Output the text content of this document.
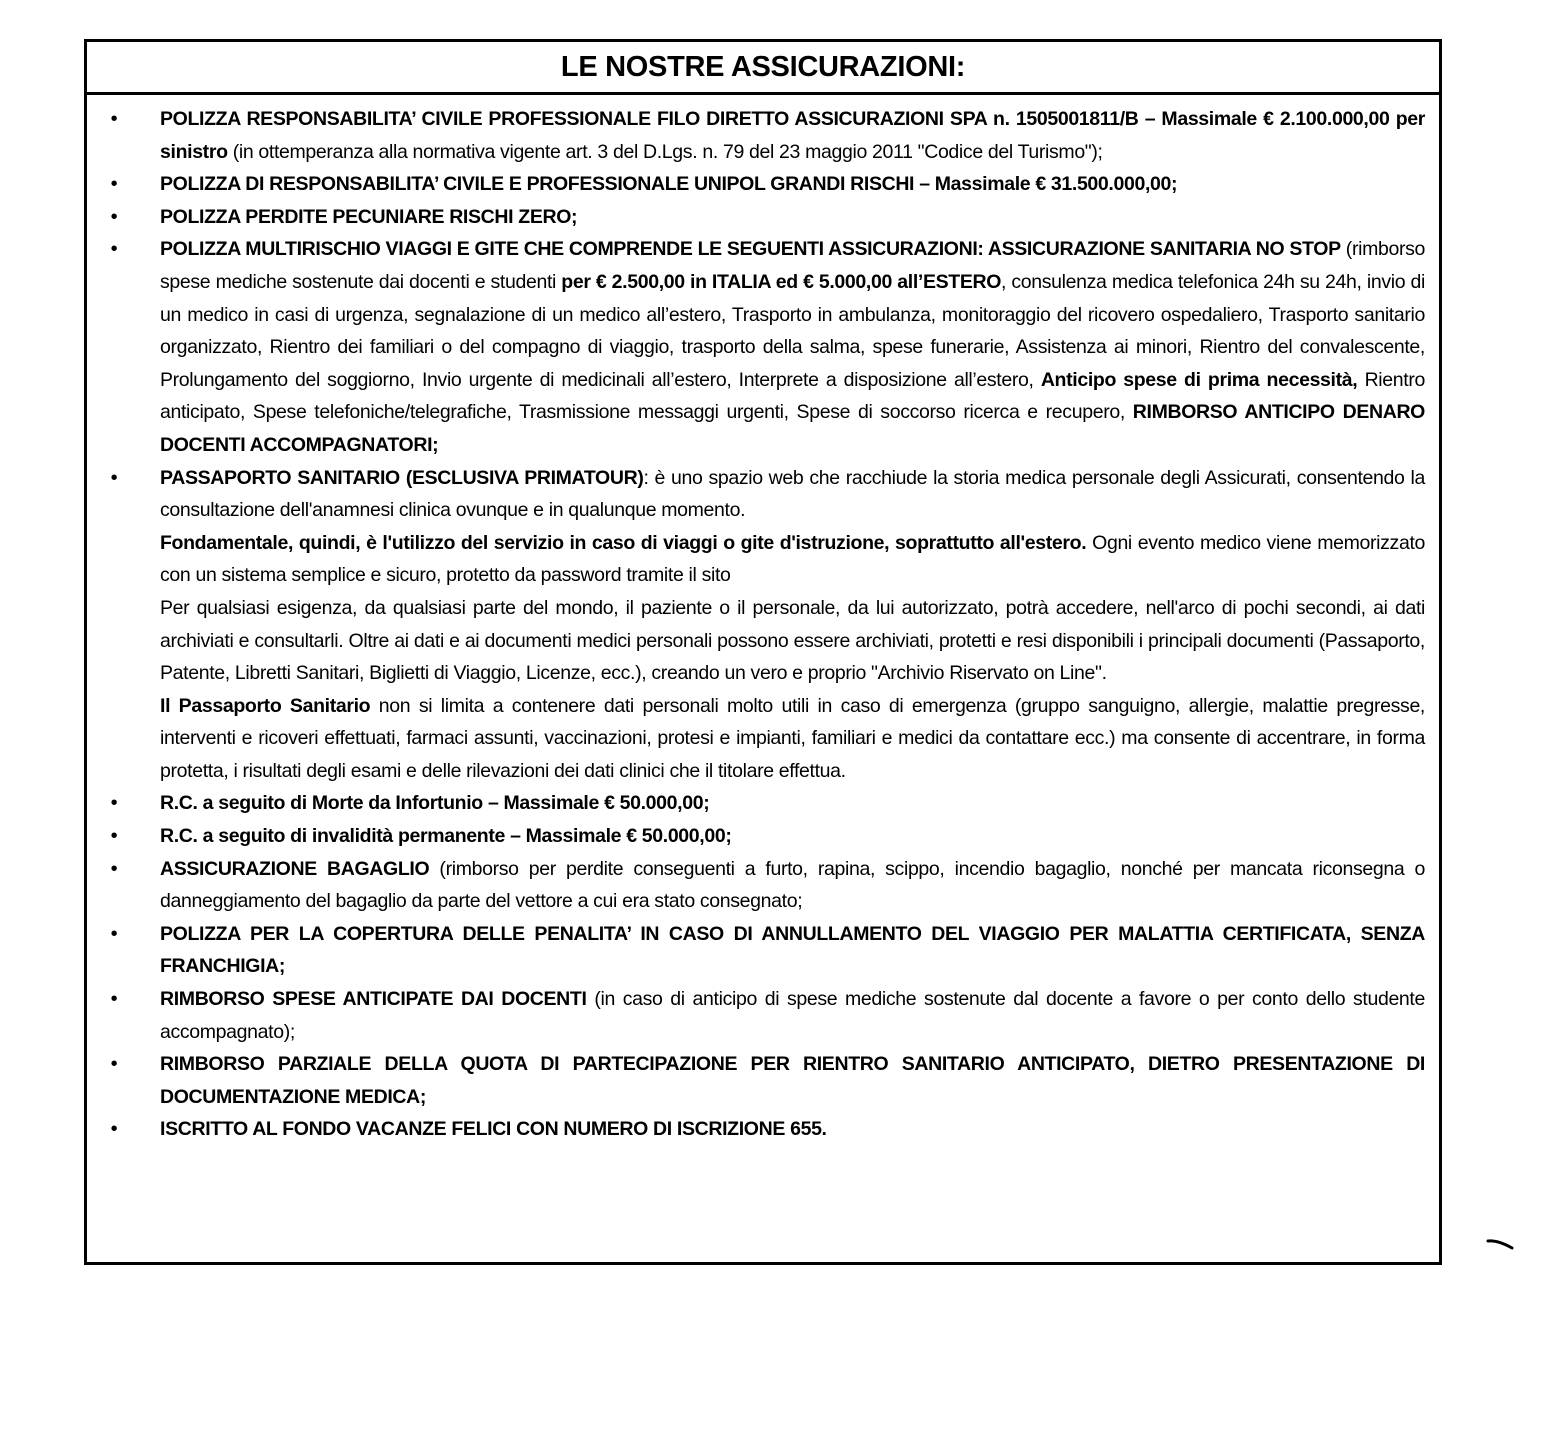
LE NOSTRE ASSICURAZIONI:
•	POLIZZA RESPONSABILITA’ CIVILE PROFESSIONALE FILO DIRETTO ASSICURAZIONI SPA n. 1505001811/B – Massimale € 2.100.000,00 per sinistro (in ottemperanza alla normativa vigente art. 3 del D.Lgs. n. 79 del 23 maggio 2011 "Codice del Turismo");
•	POLIZZA DI RESPONSABILITA’ CIVILE E PROFESSIONALE UNIPOL GRANDI RISCHI – Massimale € 31.500.000,00;
•	POLIZZA PERDITE PECUNIARE RISCHI ZERO;
•	POLIZZA MULTIRISCHIO VIAGGI E GITE CHE COMPRENDE LE SEGUENTI ASSICURAZIONI: ASSICURAZIONE SANITARIA NO STOP (rimborso spese mediche sostenute dai docenti e studenti per € 2.500,00 in ITALIA ed € 5.000,00 all’ESTERO, consulenza medica telefonica 24h su 24h, invio di un medico in casi di urgenza, segnalazione di un medico all’estero, Trasporto in ambulanza, monitoraggio del ricovero ospedaliero, Trasporto sanitario organizzato, Rientro dei familiari o del compagno di viaggio, trasporto della salma, spese funerarie, Assistenza ai minori, Rientro del convalescente, Prolungamento del soggiorno, Invio urgente di medicinali all’estero, Interprete a disposizione all’estero, Anticipo spese di prima necessità, Rientro anticipato, Spese telefoniche/telegrafiche, Trasmissione messaggi urgenti, Spese di soccorso ricerca e recupero, RIMBORSO ANTICIPO DENARO DOCENTI ACCOMPAGNATORI;
•	PASSAPORTO SANITARIO (ESCLUSIVA PRIMATOUR): è uno spazio web che racchiude la storia medica personale degli Assicurati, consentendo la consultazione dell'anamnesi clinica ovunque e in qualunque momento.
Fondamentale, quindi, è l'utilizzo del servizio in caso di viaggi o gite d'istruzione, soprattutto all'estero. Ogni evento medico viene memorizzato con un sistema semplice e sicuro, protetto da password tramite il sito
Per qualsiasi esigenza, da qualsiasi parte del mondo, il paziente o il personale, da lui autorizzato, potrà accedere, nell'arco di pochi secondi, ai dati archiviati e consultarli. Oltre ai dati e ai documenti medici personali possono essere archiviati, protetti e resi disponibili i principali documenti (Passaporto, Patente, Libretti Sanitari, Biglietti di Viaggio, Licenze, ecc.), creando un vero e proprio "Archivio Riservato on Line".
Il Passaporto Sanitario non si limita a contenere dati personali molto utili in caso di emergenza (gruppo sanguigno, allergie, malattie pregresse, interventi e ricoveri effettuati, farmaci assunti, vaccinazioni, protesi e impianti, familiari e medici da contattare ecc.) ma consente di accentrare, in forma protetta, i risultati degli esami e delle rilevazioni dei dati clinici che il titolare effettua.
•	R.C. a seguito di Morte da Infortunio – Massimale € 50.000,00;
•	R.C. a seguito di invalidità permanente – Massimale € 50.000,00;
•	ASSICURAZIONE BAGAGLIO (rimborso per perdite conseguenti a furto, rapina, scippo, incendio bagaglio, nonché per mancata riconsegna o danneggiamento del bagaglio da parte del vettore a cui era stato consegnato;
•	POLIZZA PER LA COPERTURA DELLE PENALITA’ IN CASO DI ANNULLAMENTO DEL VIAGGIO PER MALATTIA CERTIFICATA, SENZA FRANCHIGIA;
•	RIMBORSO SPESE ANTICIPATE DAI DOCENTI (in caso di anticipo di spese mediche sostenute dal docente a favore o per conto dello studente accompagnato);
•	RIMBORSO PARZIALE DELLA QUOTA DI PARTECIPAZIONE PER RIENTRO SANITARIO ANTICIPATO, DIETRO PRESENTAZIONE DI DOCUMENTAZIONE MEDICA;
•	ISCRITTO AL FONDO VACANZE FELICI CON NUMERO DI ISCRIZIONE 655.
